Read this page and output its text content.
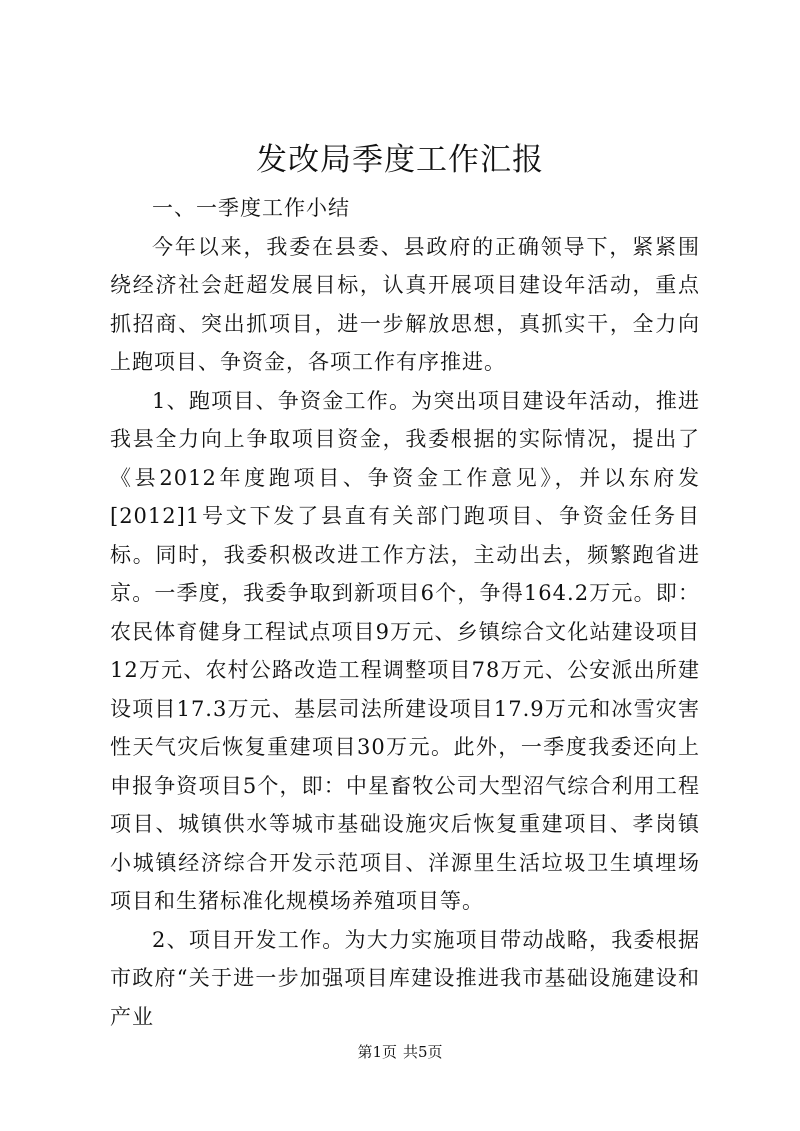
发改局季度工作汇报

一、一季度工作小结

今年以来，我委在县委、县政府的正确领导下，紧紧围绕经济社会赶超发展目标，认真开展项目建设年活动，重点抓招商、突出抓项目，进一步解放思想，真抓实干，全力向上跑项目、争资金，各项工作有序推进。

1、跑项目、争资金工作。为突出项目建设年活动，推进我县全力向上争取项目资金，我委根据的实际情况，提出了《县2012年度跑项目、争资金工作意见》，并以东府发[2012]1号文下发了县直有关部门跑项目、争资金任务目标。同时，我委积极改进工作方法，主动出去，频繁跑省进京。一季度，我委争取到新项目6个，争得164.2万元。即：农民体育健身工程试点项目9万元、乡镇综合文化站建设项目12万元、农村公路改造工程调整项目78万元、公安派出所建设项目17.3万元、基层司法所建设项目17.9万元和冰雪灾害性天气灾后恢复重建项目30万元。此外，一季度我委还向上申报争资项目5个，即：中星畜牧公司大型沼气综合利用工程项目、城镇供水等城市基础设施灾后恢复重建项目、孝岗镇小城镇经济综合开发示范项目、洋源里生活垃圾卫生填埋场项目和生猪标准化规模场养殖项目等。

2、项目开发工作。为大力实施项目带动战略，我委根据市政府“关于进一步加强项目库建设推进我市基础设施建设和产业

第1页 共5页
